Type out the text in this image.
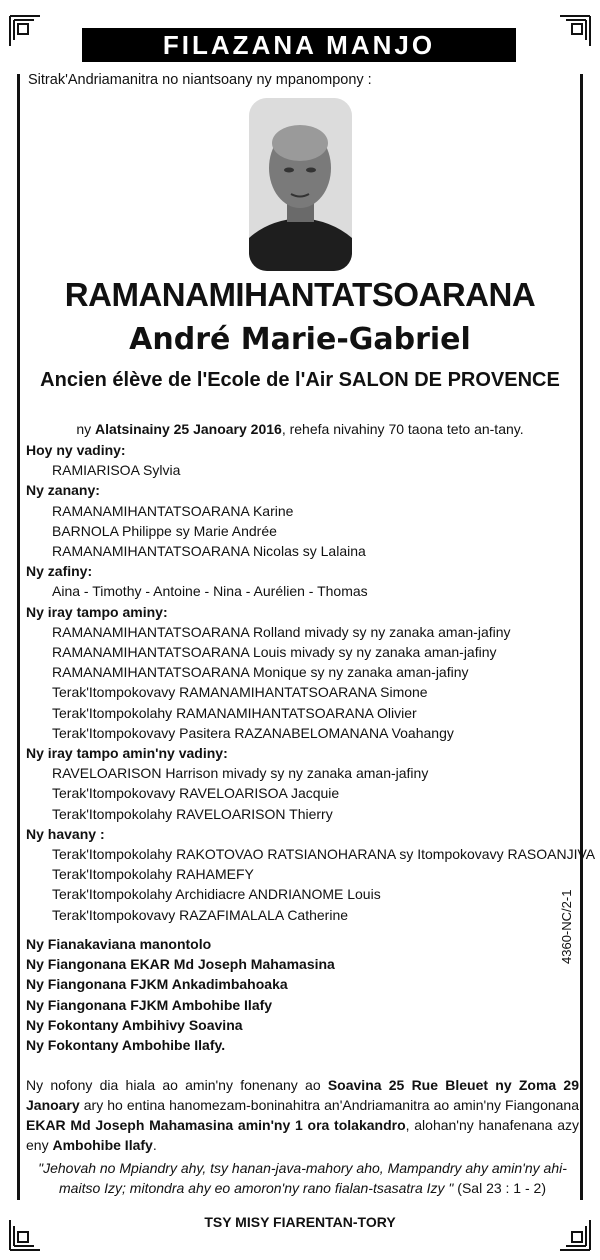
FILAZANA MANJO
Sitrak'Andriamanitra no niantsoany ny mpanompony :
RAMANAMIHANTATSOARANA
André Marie-Gabriel
Ancien élève de l'Ecole de l'Air SALON DE PROVENCE
ny Alatsinainy 25 Janoary 2016, rehefa nivahiny 70 taona teto an-tany.
Hoy ny vadiny:
RAMIARISOA Sylvia
Ny zanany:
RAMANAMIHANTATSOARANA Karine
BARNOLA Philippe sy Marie Andrée
RAMANAMIHANTATSOARANA Nicolas sy Lalaina
Ny zafiny:
Aina - Timothy - Antoine - Nina - Aurélien - Thomas
Ny iray tampo aminy:
RAMANAMIHANTATSOARANA Rolland mivady sy ny zanaka aman-jafiny
RAMANAMIHANTATSOARANA Louis mivady sy ny zanaka aman-jafiny
RAMANAMIHANTATSOARANA Monique sy ny zanaka aman-jafiny
Terak'Itompokovavy RAMANAMIHANTATSOARANA Simone
Terak'Itompokolahy RAMANAMIHANTATSOARANA Olivier
Terak'Itompokovavy Pasitera RAZANABELOMANANA Voahangy
Ny iray tampo amin'ny vadiny:
RAVELOARISON Harrison mivady sy ny zanaka aman-jafiny
Terak'Itompokovavy RAVELOARISOA Jacquie
Terak'Itompokolahy RAVELOARISON Thierry
Ny havany :
Terak'Itompokolahy RAKOTOVAO RATSIANOHARANA sy Itompokovavy RASOANJIVA
Terak'Itompokolahy RAHAMEFY
Terak'Itompokolahy Archidiacre ANDRIANOME Louis
Terak'Itompokovavy RAZAFIMALALA Catherine
Ny Fianakaviana manontolo
Ny Fiangonana EKAR Md Joseph Mahamasina
Ny Fiangonana FJKM Ankadimbahoaka
Ny Fiangonana FJKM Ambohibe Ilafy
Ny Fokontany Ambihivy Soavina
Ny Fokontany Ambohibe Ilafy.
Ny nofony dia hiala ao amin'ny fonenany ao Soavina 25 Rue Bleuet ny Zoma 29 Janoary ary ho entina hanomezam-boninahitra an'Andriamanitra ao amin'ny Fiangonana EKAR Md Joseph Mahamasina amin'ny 1 ora tolakandro, alohan'ny hanafenana azy eny Ambohibe Ilafy.
"Jehovah no Mpiandry ahy, tsy hanan-java-mahory aho, Mampandry ahy amin'ny ahi-maitso Izy; mitondra ahy eo amoron'ny rano fialan-tsasatra Izy " (Sal 23 : 1 - 2)
TSY MISY FIARENTAN-TORY
4360-NC/2-1
